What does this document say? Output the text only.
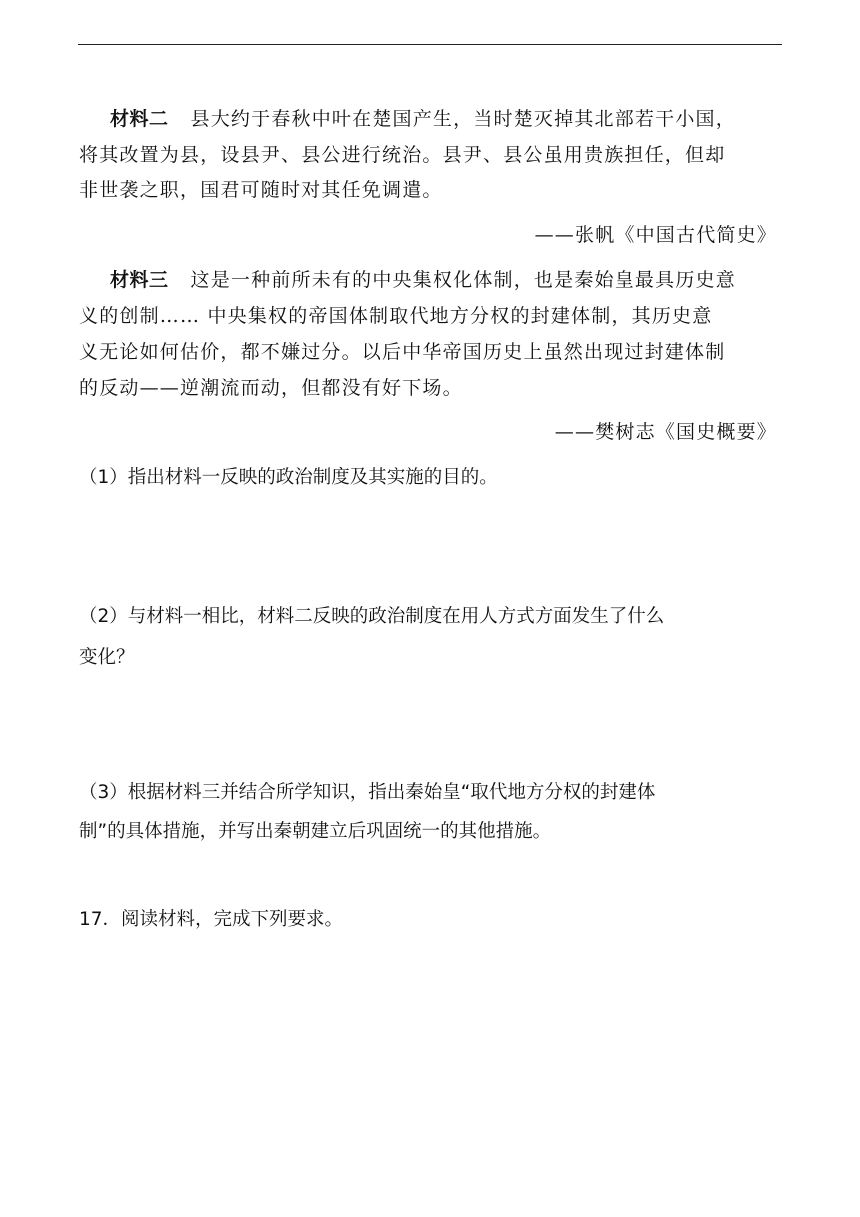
材料二 县大约于春秋中叶在楚国产生，当时楚灭掉其北部若干小国，
将其改置为县，设县尹、县公进行统治。县尹、县公虽用贵族担任，但却
非世袭之职，国君可随时对其任免调遣。
——张帆《中国古代简史》
材料三 这是一种前所未有的中央集权化体制，也是秦始皇最具历史意
义的创制…… 中央集权的帝国体制取代地方分权的封建体制，其历史意
义无论如何估价，都不嫌过分。以后中华帝国历史上虽然出现过封建体制
的反动——逆潮流而动，但都没有好下场。
——樊树志《国史概要》
（1）指出材料一反映的政治制度及其实施的目的。
（2）与材料一相比，材料二反映的政治制度在用人方式方面发生了什么
变化？
（3）根据材料三并结合所学知识，指出秦始皇“取代地方分权的封建体
制”的具体措施，并写出秦朝建立后巩固统一的其他措施。
17．阅读材料，完成下列要求。
